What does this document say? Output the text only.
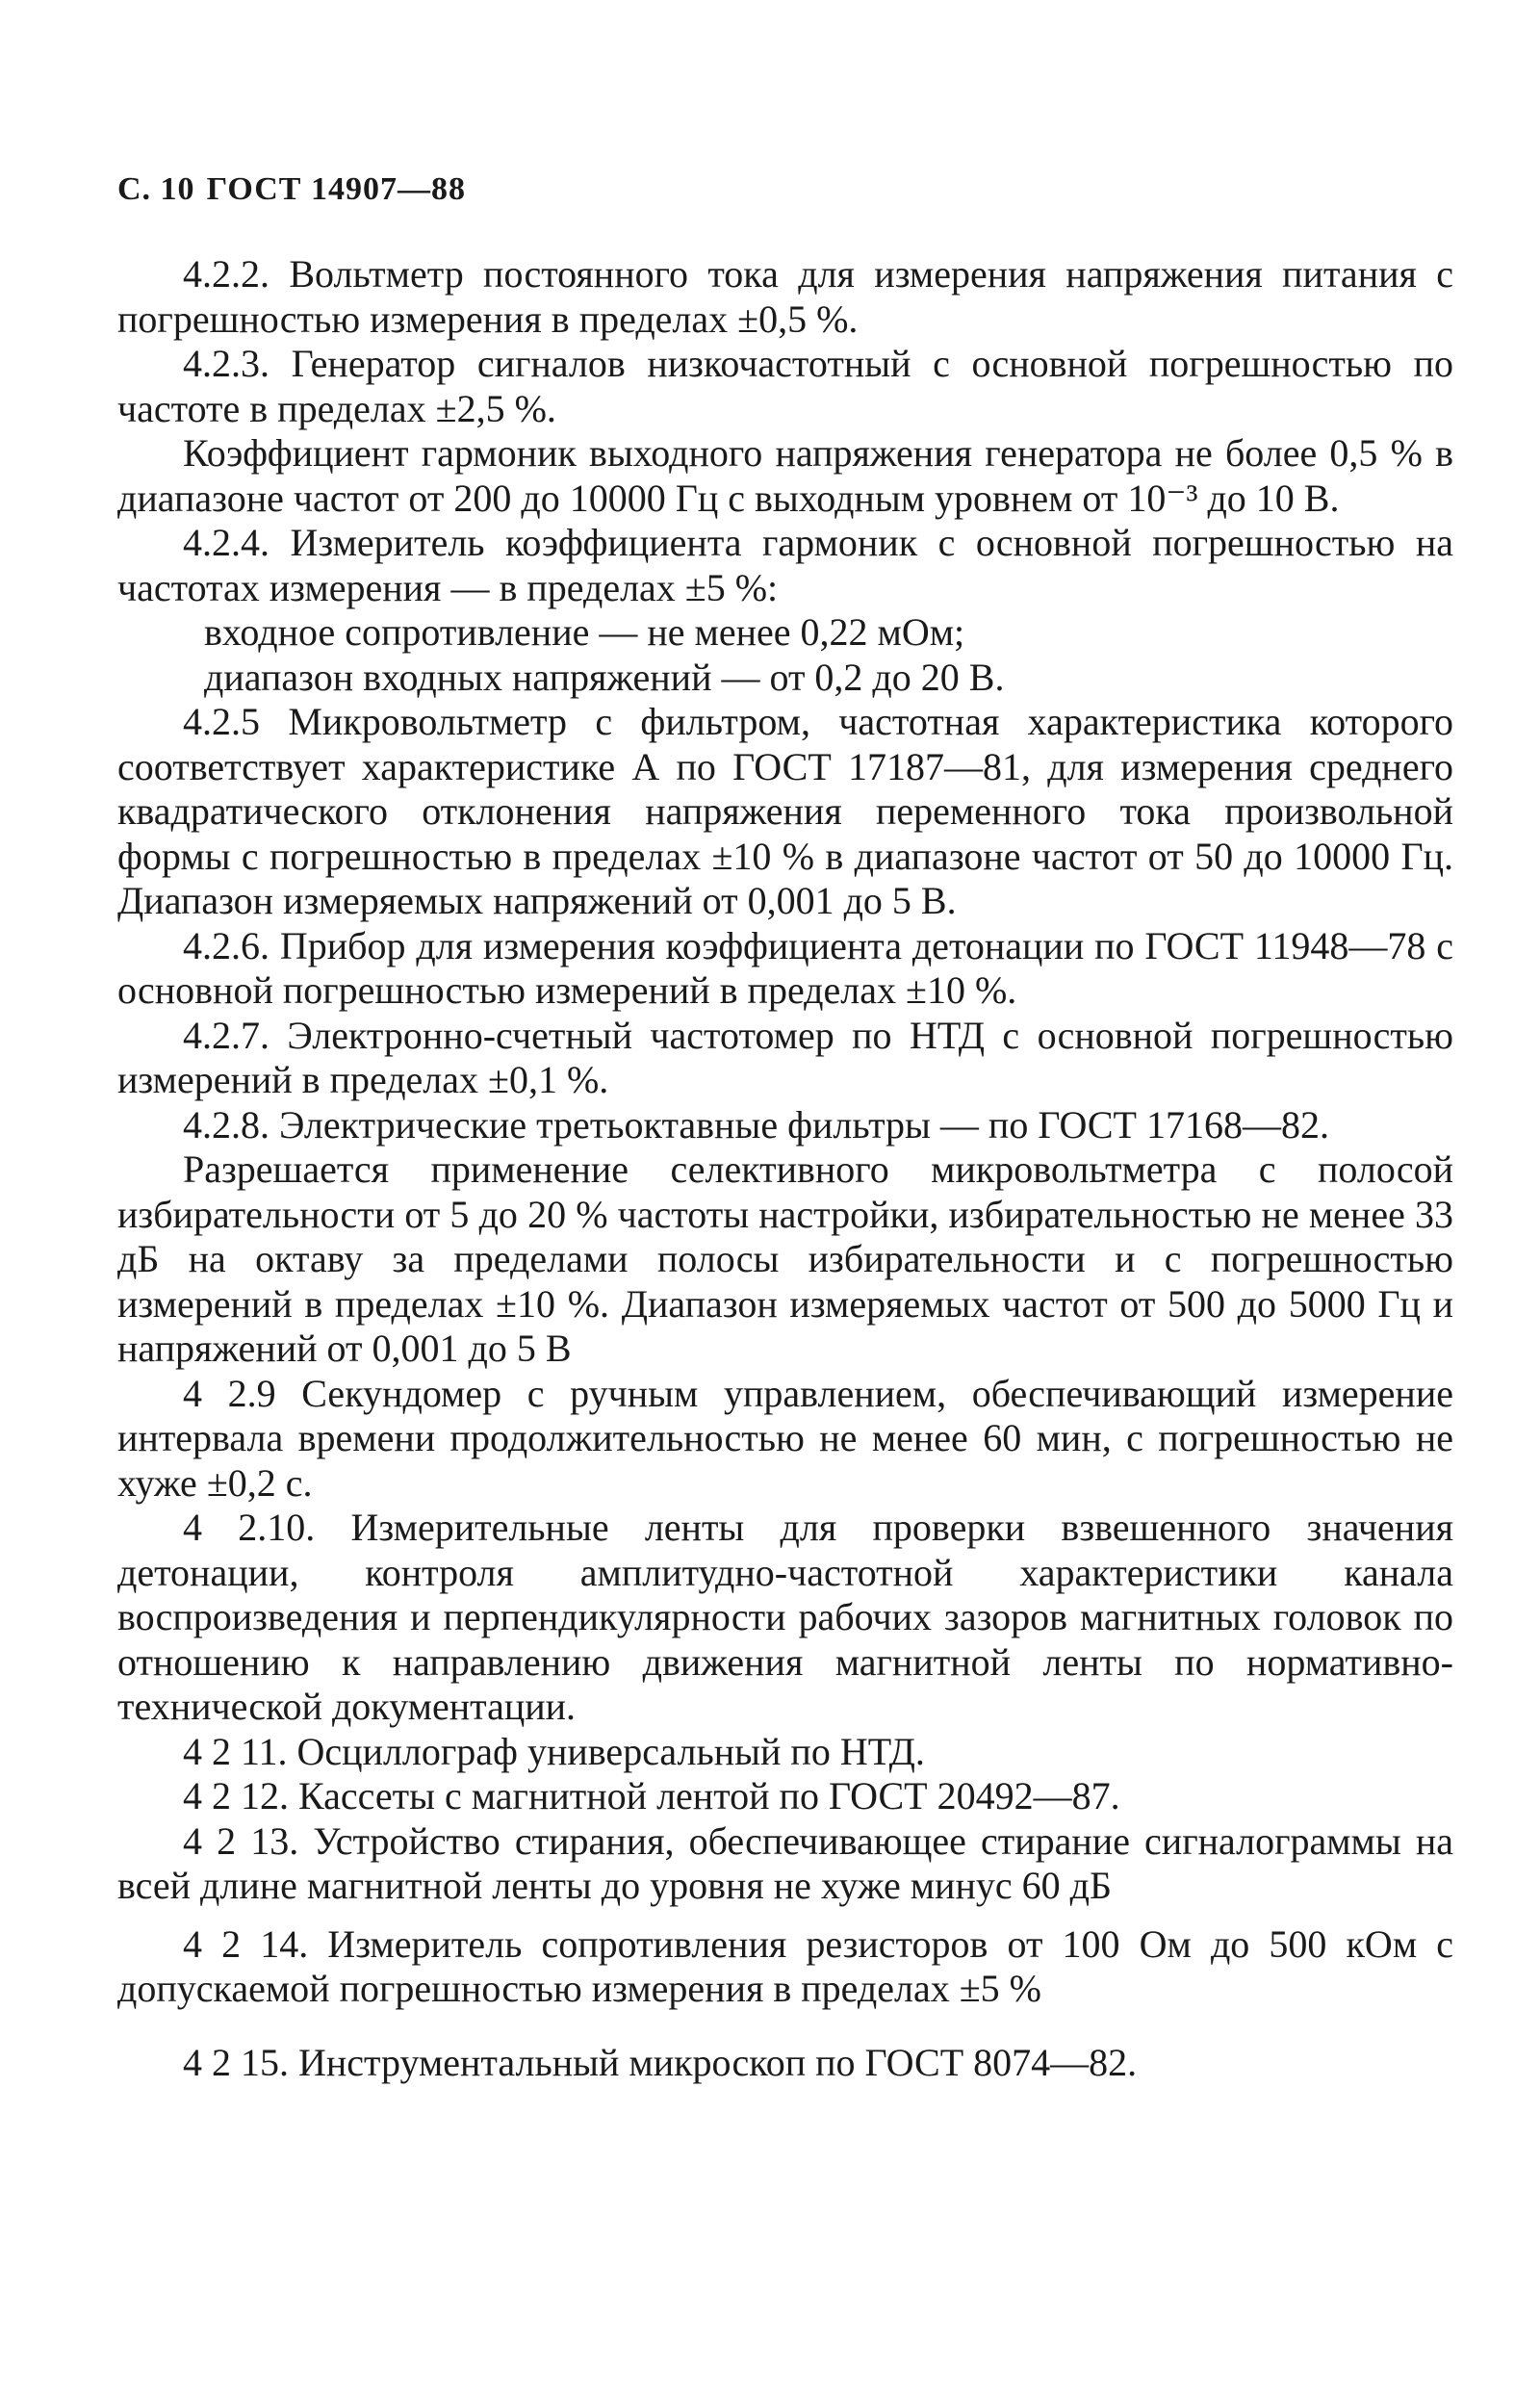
С. 10 ГОСТ 14907—88

4.2.2. Вольтметр постоянного тока для измерения напряжения питания с погрешностью измерения в пределах ±0,5 %.

4.2.3. Генератор сигналов низкочастотный с основной погрешностью по частоте в пределах ±2,5 %.

Коэффициент гармоник выходного напряжения генератора не более 0,5 % в диапазоне частот от 200 до 10000 Гц с выходным уровнем от 10⁻³ до 10 В.

4.2.4. Измеритель коэффициента гармоник с основной погрешностью на частотах измерения — в пределах ±5 %:

входное сопротивление — не менее 0,22 мОм;

диапазон входных напряжений — от 0,2 до 20 В.

4.2.5 Микровольтметр с фильтром, частотная характеристика которого соответствует характеристике А по ГОСТ 17187—81, для измерения среднего квадратического отклонения напряжения переменного тока произвольной формы с погрешностью в пределах ±10 % в диапазоне частот от 50 до 10000 Гц. Диапазон измеряемых напряжений от 0,001 до 5 В.

4.2.6. Прибор для измерения коэффициента детонации по ГОСТ 11948—78 с основной погрешностью измерений в пределах ±10 %.

4.2.7. Электронно-счетный частотомер по НТД с основной погрешностью измерений в пределах ±0,1 %.

4.2.8. Электрические третьоктавные фильтры — по ГОСТ 17168—82.

Разрешается применение селективного микровольтметра с полосой избирательности от 5 до 20 % частоты настройки, избирательностью не менее 33 дБ на октаву за пределами полосы избирательности и с погрешностью измерений в пределах ±10 %. Диапазон измеряемых частот от 500 до 5000 Гц и напряжений от 0,001 до 5 В

4 2.9 Секундомер с ручным управлением, обеспечивающий измерение интервала времени продолжительностью не менее 60 мин, с погрешностью не хуже ±0,2 с.

4 2.10. Измерительные ленты для проверки взвешенного значения детонации, контроля амплитудно-частотной характеристики канала воспроизведения и перпендикулярности рабочих зазоров магнитных головок по отношению к направлению движения магнитной ленты по нормативно-технической документации.

4 2 11. Осциллограф универсальный по НТД.

4 2 12. Кассеты с магнитной лентой по ГОСТ 20492—87.

4 2 13. Устройство стирания, обеспечивающее стирание сигналограммы на всей длине магнитной ленты до уровня не хуже минус 60 дБ

4 2 14. Измеритель сопротивления резисторов от 100 Ом до 500 кОм с допускаемой погрешностью измерения в пределах ±5 %

4 2 15. Инструментальный микроскоп по ГОСТ 8074—82.
